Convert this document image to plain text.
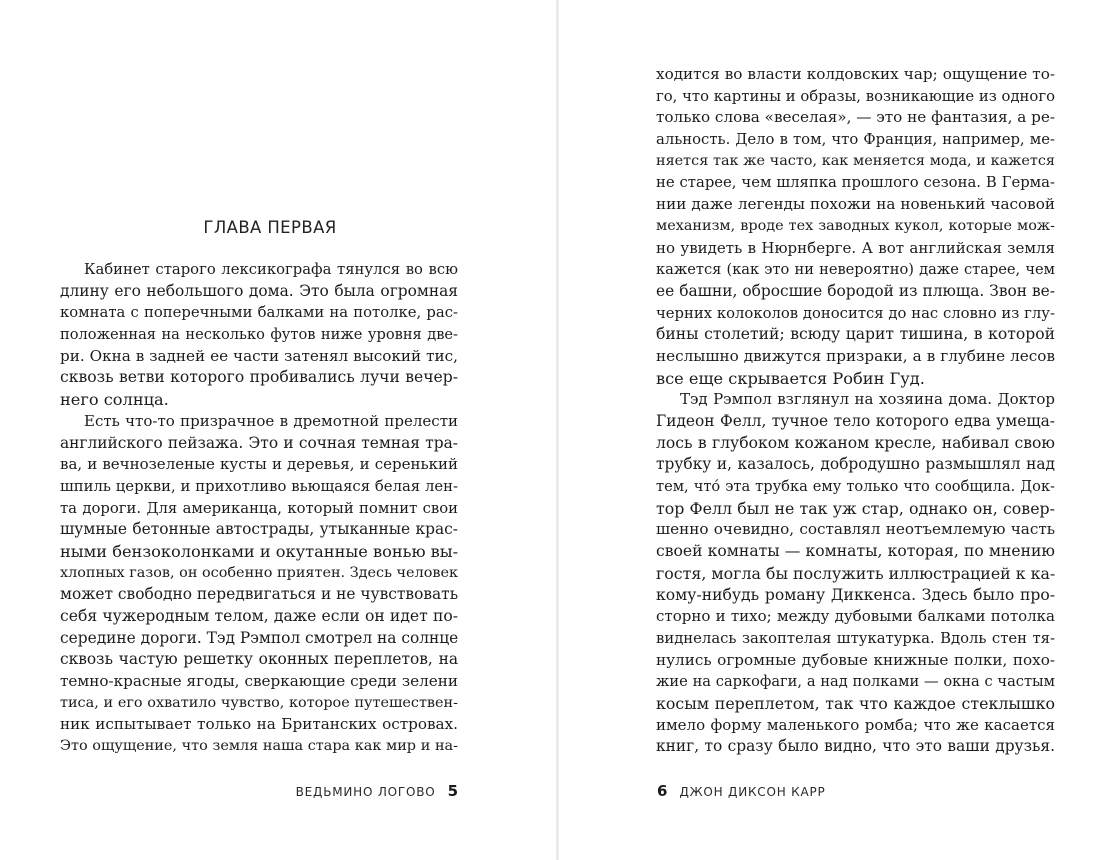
ГЛАВА ПЕРВАЯ
Кабинет старого лексикографа тянулся во всю
длину его небольшого дома. Это была огромная
комната с поперечными балками на потолке, рас-
положенная на несколько футов ниже уровня две-
ри. Окна в задней ее части затенял высокий тис,
сквозь ветви которого пробивались лучи вечер-
него солнца.
Есть что-то призрачное в дремотной прелести
английского пейзажа. Это и сочная темная тра-
ва, и вечнозеленые кусты и деревья, и серенький
шпиль церкви, и прихотливо вьющаяся белая лен-
та дороги. Для американца, который помнит свои
шумные бетонные автострады, утыканные крас-
ными бензоколонками и окутанные вонью вы-
хлопных газов, он особенно приятен. Здесь человек
может свободно передвигаться и не чувствовать
себя чужеродным телом, даже если он идет по-
середине дороги. Тэд Рэмпол смотрел на солнце
сквозь частую решетку оконных переплетов, на
темно-красные ягоды, сверкающие среди зелени
тиса, и его охватило чувство, которое путешествен-
ник испытывает только на Британских островах.
Это ощущение, что земля наша стара как мир и на-
ВЕДЬМИНО ЛОГОВО 5
ходится во власти колдовских чар; ощущение то-
го, что картины и образы, возникающие из одного
только слова «веселая», — это не фантазия, а ре-
альность. Дело в том, что Франция, например, ме-
няется так же часто, как меняется мода, и кажется
не старее, чем шляпка прошлого сезона. В Герма-
нии даже легенды похожи на новенький часовой
механизм, вроде тех заводных кукол, которые мож-
но увидеть в Нюрнберге. А вот английская земля
кажется (как это ни невероятно) даже старее, чем
ее башни, обросшие бородой из плюща. Звон ве-
черних колоколов доносится до нас словно из глу-
бины столетий; всюду царит тишина, в которой
неслышно движутся призраки, а в глубине лесов
все еще скрывается Робин Гуд.
Тэд Рэмпол взглянул на хозяина дома. Доктор
Гидеон Фелл, тучное тело которого едва умеща-
лось в глубоком кожаном кресле, набивал свою
трубку и, казалось, добродушно размышлял над
тем, что́ эта трубка ему только что сообщила. Док-
тор Фелл был не так уж стар, однако он, совер-
шенно очевидно, составлял неотъемлемую часть
своей комнаты — комнаты, которая, по мнению
гостя, могла бы послужить иллюстрацией к ка-
кому-нибудь роману Диккенса. Здесь было про-
сторно и тихо; между дубовыми балками потолка
виднелась закоптелая штукатурка. Вдоль стен тя-
нулись огромные дубовые книжные полки, похо-
жие на саркофаги, а над полками — окна с частым
косым переплетом, так что каждое стеклышко
имело форму маленького ромба; что же касается
книг, то сразу было видно, что это ваши друзья.
6 ДЖОН ДИКСОН КАРР
